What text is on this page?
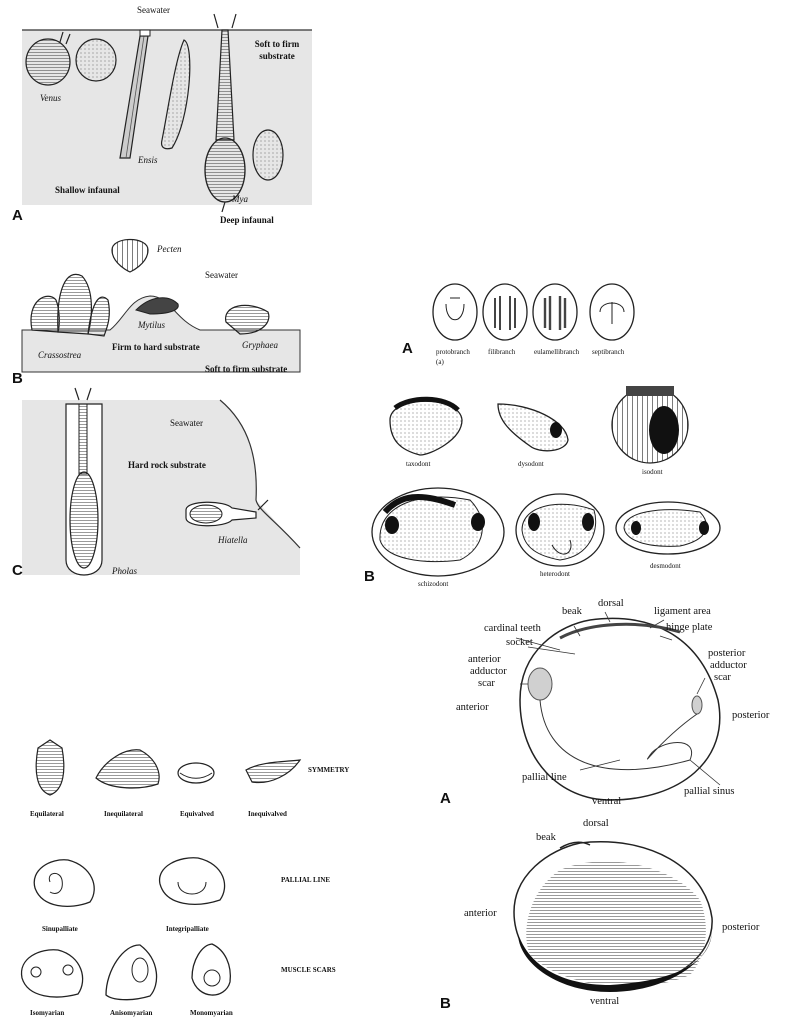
Seawater
Soft to firm substrate
Venus
Ensis
Mya
Shallow infaunal
Deep infaunal
A
Pecten
Seawater
Mytilus
Crassostrea
Firm to hard substrate	Gryphaea
Soft to firm substrate
B
Seawater
Hard rock substrate
Hiatella
Pholas
C
A	protobranch
(a)
filibranch	eulamellibranch septibranch
taxodont	dysodont
isodont
schizodont
heterodont
desmodont
B
SYMMETRY
Equilateral	Inequilateral	Equivalved	Inequivalved
PALLIAL LINE
Sinupalliate	Integripalliate
MUSCLE SCARS
Isomyarian	Anisomyarian	Monomyarian
beak
dorsal
ligament area
hinge plate
cardinal teeth
socket
anterior
adductor
scar
anterior
posterior
adductor
scar
posterior
pallial line
ventral
pallial sinus
A
beak
dorsal
anterior
posterior
ventral
B
